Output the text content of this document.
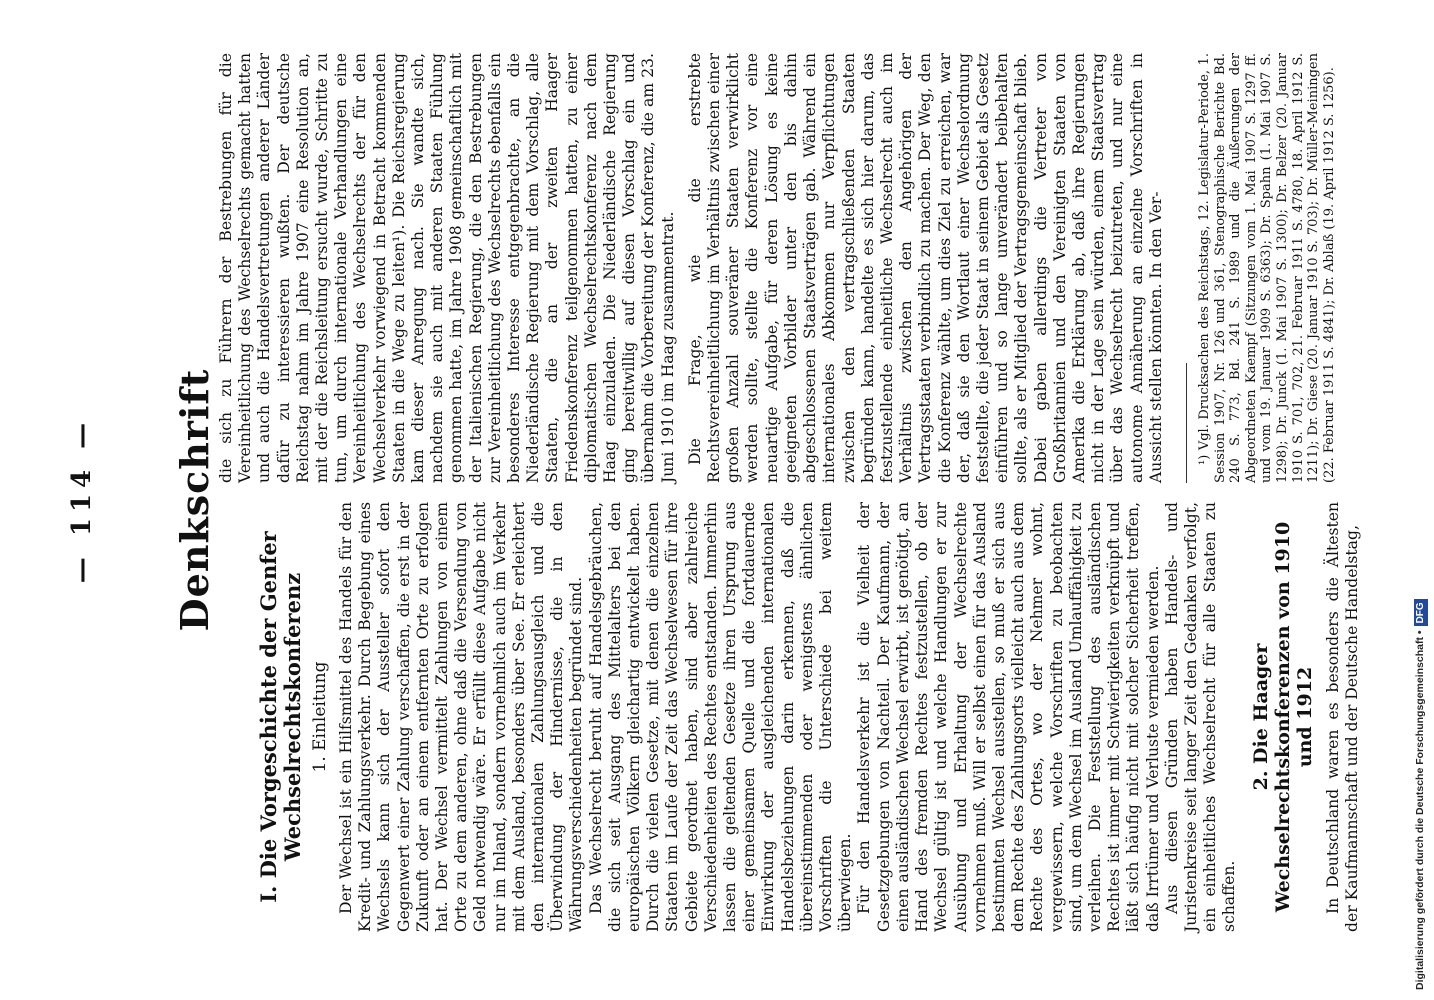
— 114 — Denkschrift
I. Die Vorgeschichte der Genfer Wechselrechtskonferenz 1. Einleitung Der Wechsel ist ein Hilfsmittel des Handels für den Kredit- und Zahlungsverkehr. Durch Begebung eines Wechsels kann sich der Aussteller sofort den Gegenwert einer Zahlung verschaffen, die erst in der Zukunft oder an einem entfernten Orte zu erfolgen hat. Der Wechsel vermittelt Zahlungen von einem Orte zu dem anderen, ohne daß die Versendung von Geld notwendig wäre. Er erfüllt diese Aufgabe nicht nur im Inland, sondern vornehmlich auch im Verkehr mit dem Ausland, besonders über See. Er erleichtert den internationalen Zahlungsausgleich und die Überwindung der Hindernisse, die in den Währungsverschiedenheiten begründet sind. Das Wechselrecht beruht auf Handelsgebräuchen, die sich seit Ausgang des Mittelalters bei den europäischen Völkern gleichartig entwickelt haben. Durch die vielen Gesetze, mit denen die einzelnen Staaten im Laufe der Zeit das Wechselwesen für ihre Gebiete geordnet haben, sind aber zahlreiche Verschiedenheiten des Rechtes entstanden. Immerhin lassen die geltenden Gesetze ihren Ursprung aus einer gemeinsamen Quelle und die fortdauernde Einwirkung der ausgleichenden internationalen Handelsbeziehungen darin erkennen, daß die übereinstimmenden oder wenigstens ähnlichen Vorschriften die Unterschiede bei weitem überwiegen. Für den Handelsverkehr ist die Vielheit der Gesetzgebungen von Nachteil. Der Kaufmann, der einen ausländischen Wechsel erwirbt, ist genötigt, an Hand des fremden Rechtes festzustellen, ob der Wechsel gültig ist und welche Handlungen er zur Ausübung und Erhaltung der Wechselrechte vornehmen muß. Will er selbst einen für das Ausland bestimmten Wechsel ausstellen, so muß er sich aus dem Rechte des Zahlungsorts vielleicht auch aus dem Rechte des Ortes, wo der Nehmer wohnt, vergewissern, welche Vorschriften zu beobachten sind, um dem Wechsel im Ausland Umlauffähigkeit zu verleihen. Die Feststellung des ausländischen Rechtes ist immer mit Schwierigkeiten verknüpft und läßt sich häufig nicht mit solcher Sicherheit treffen, daß Irrtümer und Verluste vermieden werden. Aus diesen Gründen haben Handels- und Juristenkreise seit langer Zeit den Gedanken verfolgt, ein einheitliches Wechselrecht für alle Staaten zu schaffen.

2. Die Haager Wechselrechtskonferenzen von 1910 und 1912 In Deutschland waren es besonders die Ältesten der Kaufmannschaft und der Deutsche Handelstag,

die sich zu Führern der Bestrebungen für die Vereinheitlichung des Wechselrechts gemacht hatten und auch die Handelsvertretungen anderer Länder dafür zu interessieren wußten. Der deutsche Reichstag nahm im Jahre 1907 eine Resolution an, mit der die Reichsleitung ersucht wurde, Schritte zu tun, um durch internationale Verhandlungen eine Vereinheitlichung des Wechselrechts der für den Wechselverkehr vorwiegend in Betracht kommenden Staaten in die Wege zu leiten¹). Die Reichsregierung kam dieser Anregung nach. Sie wandte sich, nachdem sie auch mit anderen Staaten Fühlung genommen hatte, im Jahre 1908 gemeinschaftlich mit der Italienischen Regierung, die den Bestrebungen zur Vereinheitlichung des Wechselrechts ebenfalls ein besonderes Interesse entgegenbrachte, an die Niederländische Regierung mit dem Vorschlag, alle Staaten, die an der zweiten Haager Friedenskonferenz teilgenommen hatten, zu einer diplomatischen Wechselrechtskonferenz nach dem Haag einzuladen. Die Niederländische Regierung ging bereitwillig auf diesen Vorschlag ein und übernahm die Vorbereitung der Konferenz, die am 23. Juni 1910 im Haag zusammentrat. Die Frage, wie die erstrebte Rechtsvereinheitlichung im Verhältnis zwischen einer großen Anzahl souveräner Staaten verwirklicht werden sollte, stellte die Konferenz vor eine neuartige Aufgabe, für deren Lösung es keine geeigneten Vorbilder unter den bis dahin abgeschlossenen Staatsverträgen gab. Während ein internationales Abkommen nur Verpflichtungen zwischen den vertragschließenden Staaten begründen kann, handelte es sich hier darum, das festzustellende einheitliche Wechselrecht auch im Verhältnis zwischen den Angehörigen der Vertragsstaaten verbindlich zu machen. Der Weg, den die Konferenz wählte, um dies Ziel zu erreichen, war der, daß sie den Wortlaut einer Wechselordnung feststellte, die jeder Staat in seinem Gebiet als Gesetz einführen und so lange unverändert beibehalten sollte, als er Mitglied der Vertragsgemeinschaft blieb. Dabei gaben allerdings die Vertreter von Großbritannien und den Vereinigten Staaten von Amerika die Erklärung ab, daß ihre Regierungen nicht in der Lage sein würden, einem Staatsvertrag über das Wechselrecht beizutreten, und nur eine autonome Annäherung an einzelne Vorschriften in Aussicht stellen könnten. In den Ver- ¹) Vgl. Drucksachen des Reichstags, 12. Legislatur-Periode, 1. Session 1907, Nr. 126 und 361, Stenographische Berichte Bd. 240 S. 773, Bd. 241 S. 1989 und die Äußerungen der Abgeordneten Kaempf (Sitzungen vom 1. Mai 1907 S. 1297 ff. und vom 19. Januar 1909 S. 6363); Dr. Spahn (1. Mai 1907 S. 1298); Dr. Junck (1. Mai 1907 S. 1300); Dr. Belzer (20. Januar 1910 S. 701, 702, 21. Februar 1911 S. 4780, 18. April 1912 S. 1211); Dr. Giese (20. Januar 1910 S. 703); Dr. Müller-Meiningen (22. Februar 1911 S. 4841); Dr. Ablaß (19. April 1912 S. 1256).

Digitalisierung gefördert durch die Deutsche Forschungsgemeinschaft •DFG
